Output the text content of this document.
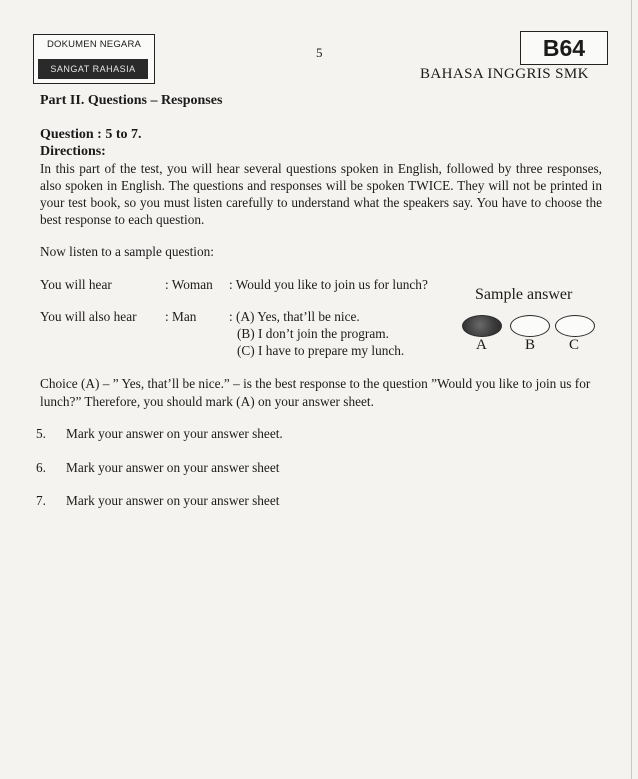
DOKUMEN NEGARA
SANGAT RAHASIA
5	B64
BAHASA INGGRIS SMK
Part II. Questions – Responses
Question : 5 to 7.
Directions:
In this part of the test, you will hear several questions spoken in English, followed by three responses, also spoken in English. The questions and responses will be spoken TWICE. They will not be printed in your test book, so you must listen carefully to understand what the speakers say. You have to choose the best response to each question.
Now listen to a sample question:
You will hear	: Woman : Would you like to join us for lunch?
You will also hear : Man : (A) Yes, that’ll be nice.
(B) I don’t join the program.
(C) I have to prepare my lunch.
Sample answer
A	B C
Choice (A) – ” Yes, that’ll be nice.” – is the best response to the question ”Would you like to join us for lunch?” Therefore, you should mark (A) on your answer sheet.
5. Mark your answer on your answer sheet.
6. Mark your answer on your answer sheet
7. Mark your answer on your answer sheet
